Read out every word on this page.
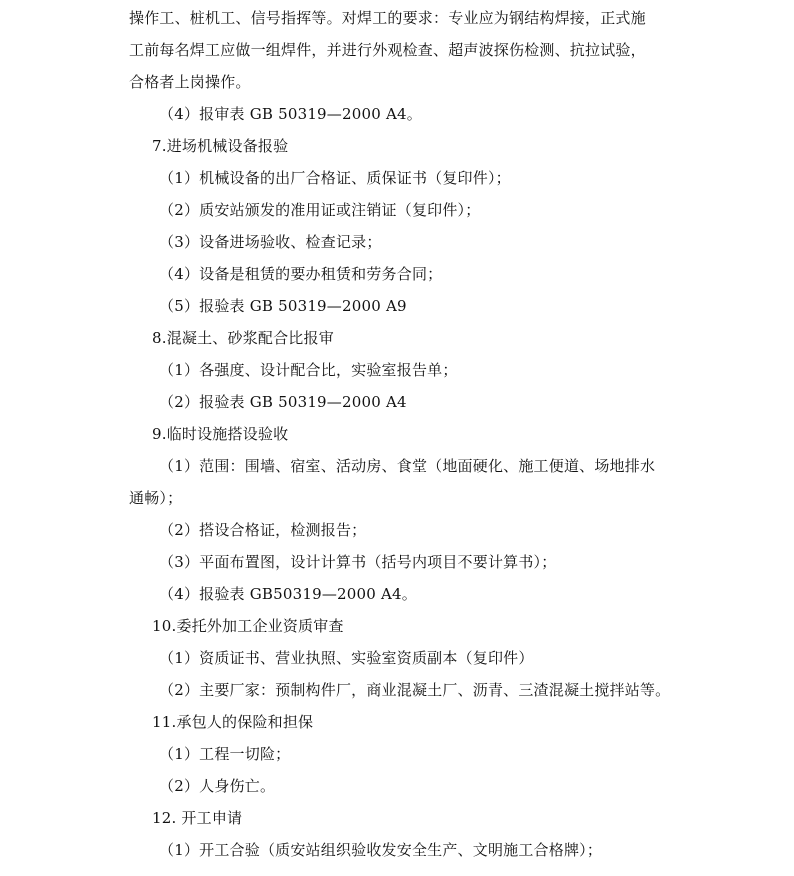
操作工、桩机工、信号指挥等。对焊工的要求：专业应为钢结构焊接，正式施
工前每名焊工应做一组焊件，并进行外观检查、超声波探伤检测、抗拉试验，
合格者上岗操作。
（4）报审表 GB 50319—2000 A4。
7.进场机械设备报验
（1）机械设备的出厂合格证、质保证书（复印件）；
（2）质安站颁发的准用证或注销证（复印件）；
（3）设备进场验收、检查记录；
（4）设备是租赁的要办租赁和劳务合同；
（5）报验表 GB 50319—2000 A9
8.混凝土、砂浆配合比报审
（1）各强度、设计配合比，实验室报告单；
（2）报验表 GB 50319—2000 A4
9.临时设施搭设验收
（1）范围：围墙、宿室、活动房、食堂（地面硬化、施工便道、场地排水
通畅）；
（2）搭设合格证，检测报告；
（3）平面布置图，设计计算书（括号内项目不要计算书）；
（4）报验表 GB50319—2000 A4。
10.委托外加工企业资质审查
（1）资质证书、营业执照、实验室资质副本（复印件）
（2）主要厂家：预制构件厂，商业混凝土厂、沥青、三渣混凝土搅拌站等。
11.承包人的保险和担保
（1）工程一切险；
（2）人身伤亡。
12. 开工申请
（1）开工合验（质安站组织验收发安全生产、文明施工合格牌）；
